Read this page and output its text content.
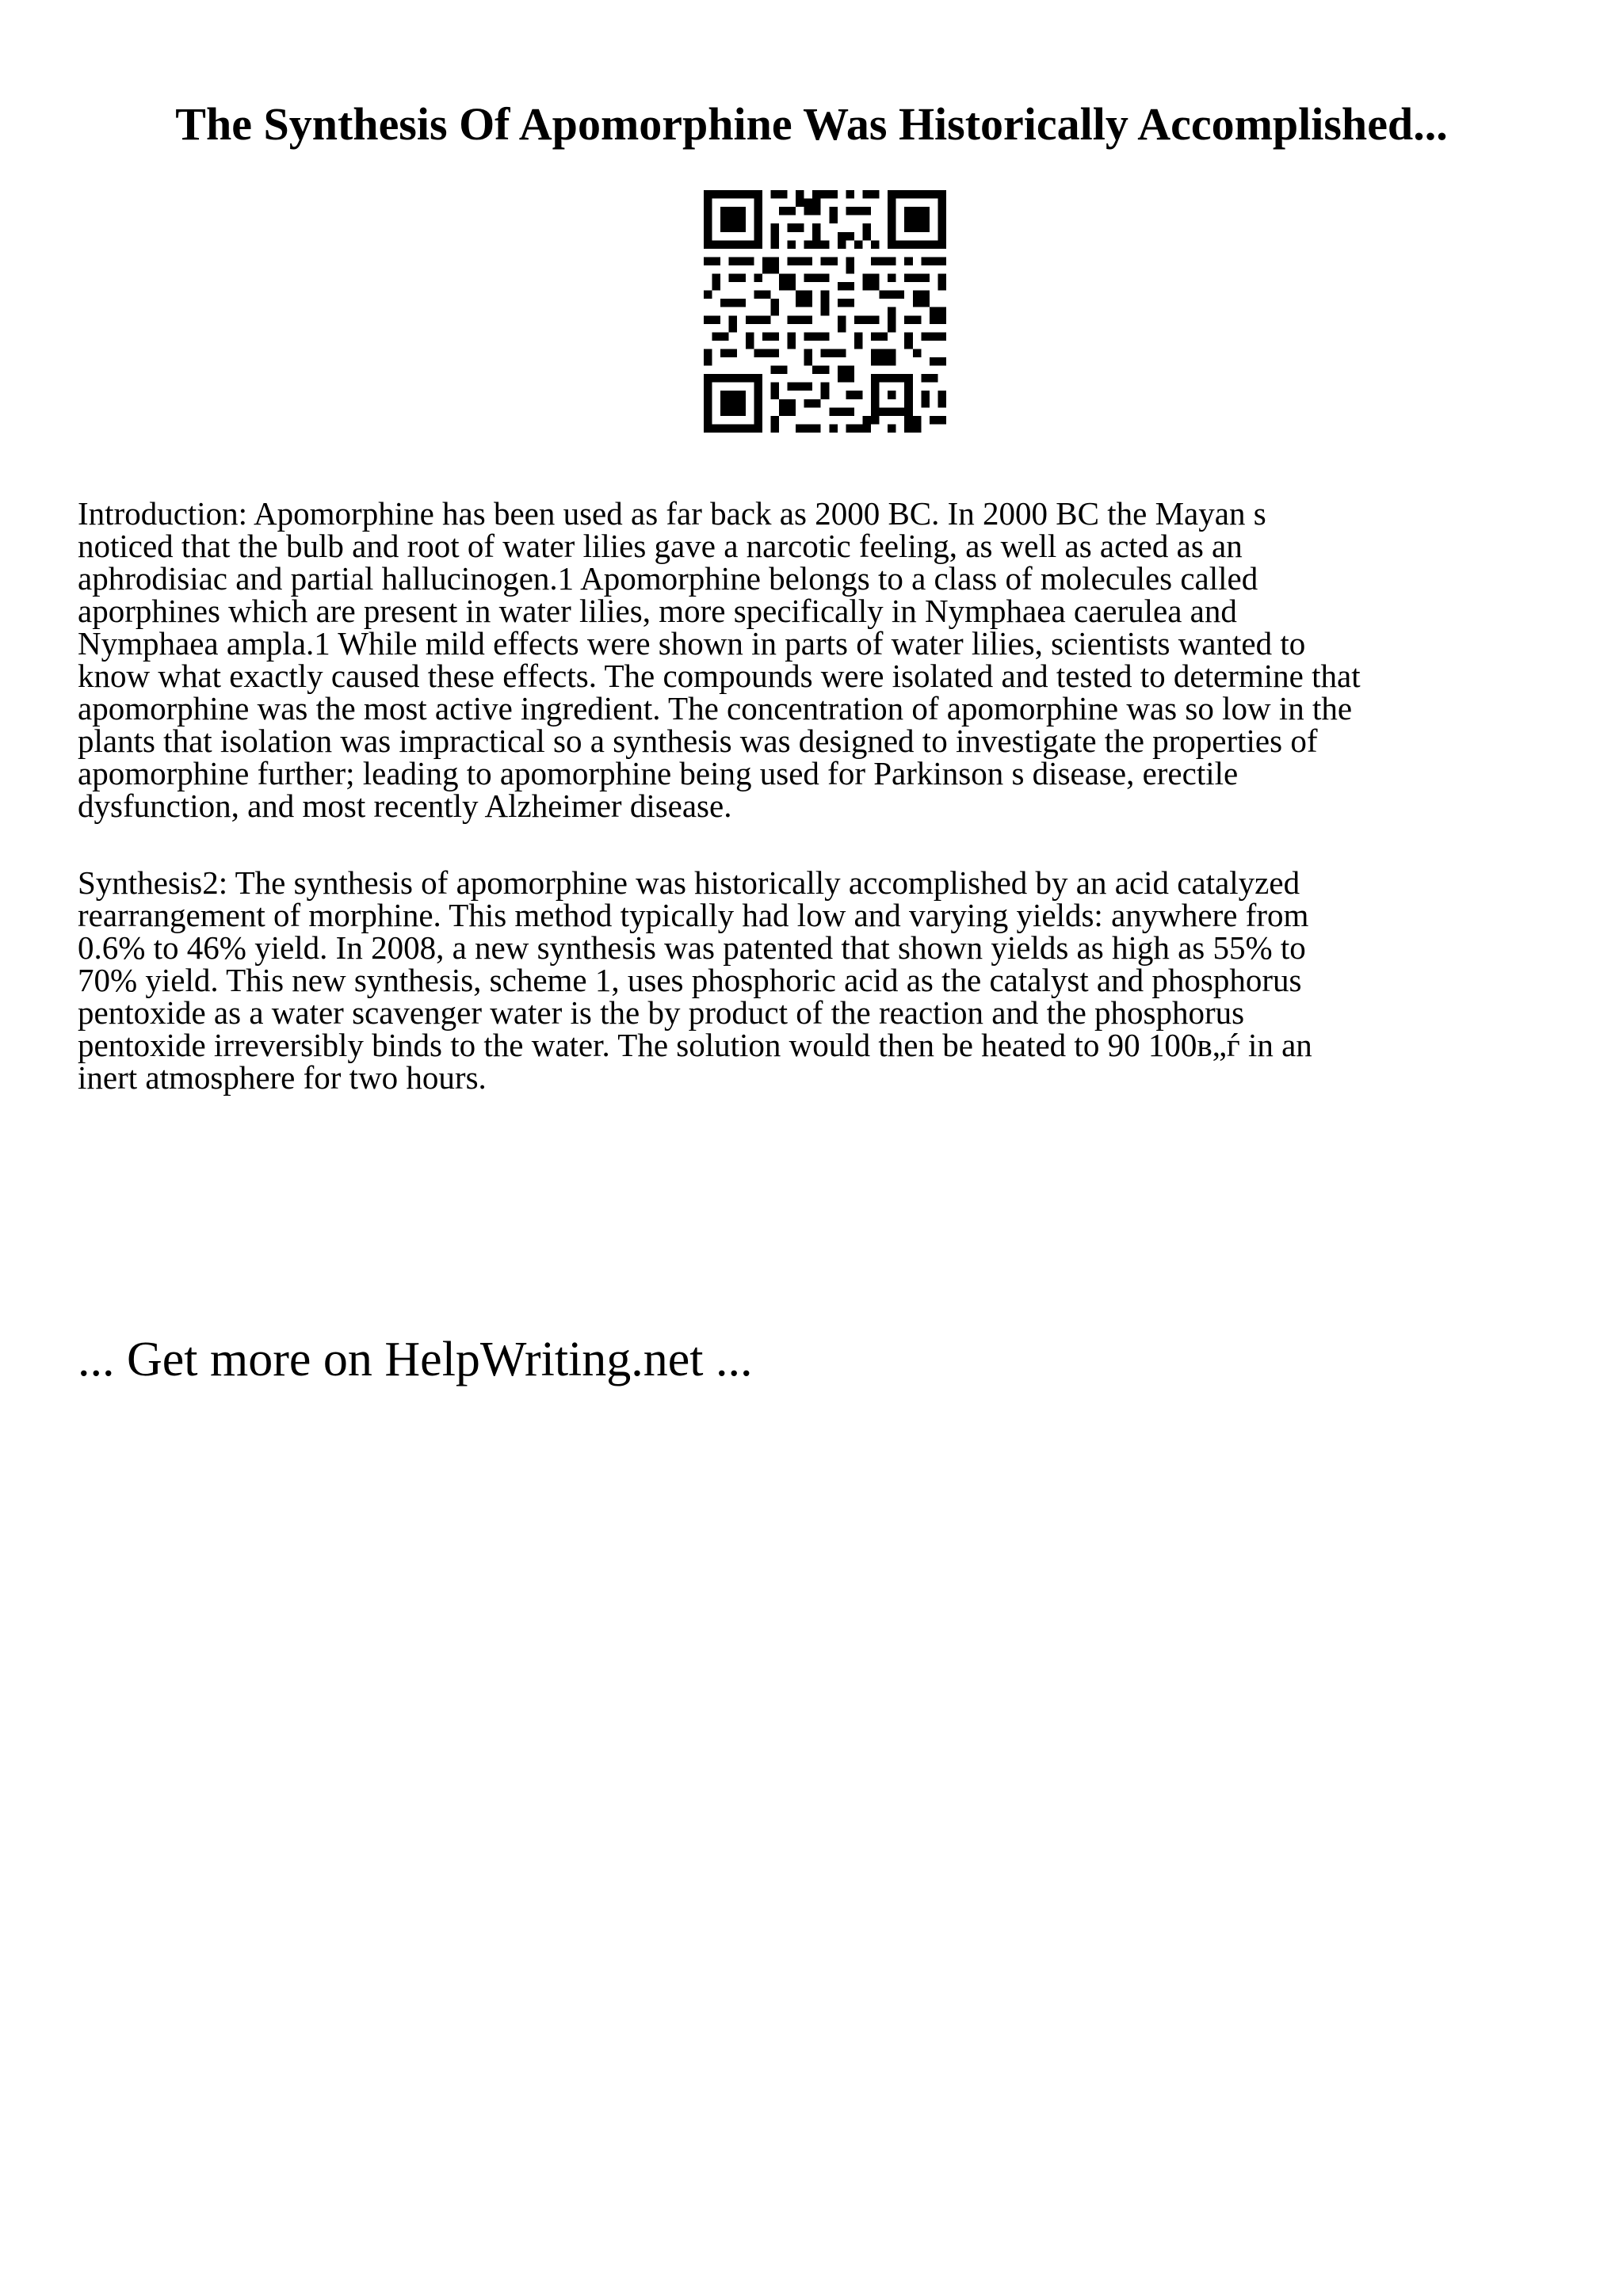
The Synthesis Of Apomorphine Was Historically Accomplished...
Introduction: Apomorphine has been used as far back as 2000 BC. In 2000 BC the Mayan s
noticed that the bulb and root of water lilies gave a narcotic feeling, as well as acted as an
aphrodisiac and partial hallucinogen.1 Apomorphine belongs to a class of molecules called
aporphines which are present in water lilies, more specifically in Nymphaea caerulea and
Nymphaea ampla.1 While mild effects were shown in parts of water lilies, scientists wanted to
know what exactly caused these effects. The compounds were isolated and tested to determine that
apomorphine was the most active ingredient. The concentration of apomorphine was so low in the
plants that isolation was impractical so a synthesis was designed to investigate the properties of
apomorphine further; leading to apomorphine being used for Parkinson s disease, erectile
dysfunction, and most recently Alzheimer disease.
Synthesis2: The synthesis of apomorphine was historically accomplished by an acid catalyzed
rearrangement of morphine. This method typically had low and varying yields: anywhere from
0.6% to 46% yield. In 2008, a new synthesis was patented that shown yields as high as 55% to
70% yield. This new synthesis, scheme 1, uses phosphoric acid as the catalyst and phosphorus
pentoxide as a water scavenger water is the by product of the reaction and the phosphorus
pentoxide irreversibly binds to the water. The solution would then be heated to 90 100в„ѓ in an
inert atmosphere for two hours.
... Get more on HelpWriting.net ...
